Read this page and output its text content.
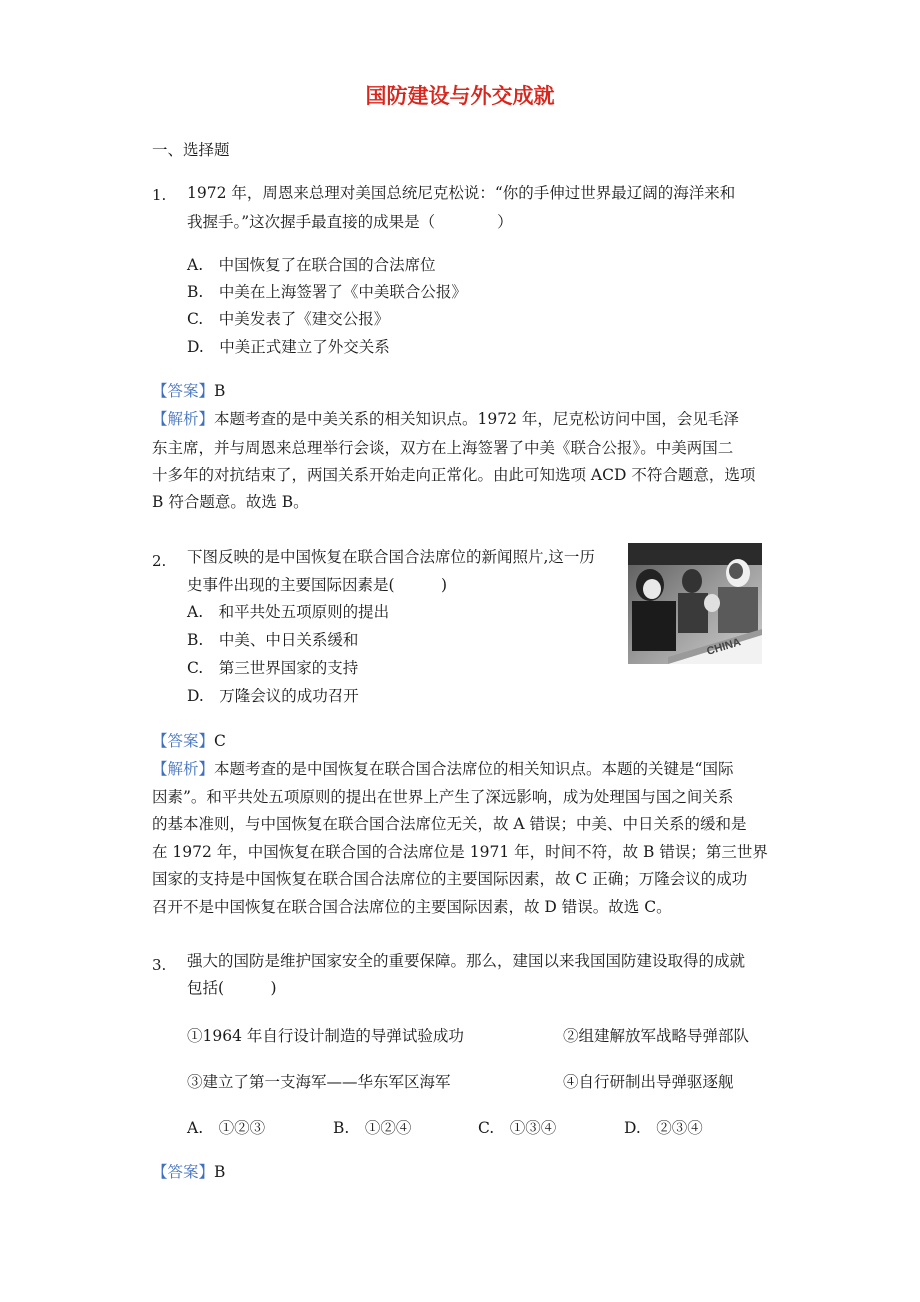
国防建设与外交成就
一、选择题
1. 1972 年，周恩来总理对美国总统尼克松说：“你的手伸过世界最辽阔的海洋来和
我握手。”这次握手最直接的成果是（　　　　）
A.　中国恢复了在联合国的合法席位
B.　中美在上海签署了《中美联合公报》
C.　中美发表了《建交公报》
D.　中美正式建立了外交关系
【答案】B
【解析】本题考查的是中美关系的相关知识点。1972 年，尼克松访问中国，会见毛泽
东主席，并与周恩来总理举行会谈，双方在上海签署了中美《联合公报》。中美两国二
十多年的对抗结束了，两国关系开始走向正常化。由此可知选项 ACD 不符合题意，选项
B 符合题意。故选 B。
2. 下图反映的是中国恢复在联合国合法席位的新闻照片,这一历
史事件出现的主要国际因素是(　　　)
A.　和平共处五项原则的提出
B.　中美、中日关系缓和
C.　第三世界国家的支持
D.　万隆会议的成功召开
CHINA
【答案】C
【解析】本题考查的是中国恢复在联合国合法席位的相关知识点。本题的关键是“国际
因素”。和平共处五项原则的提出在世界上产生了深远影响，成为处理国与国之间关系
的基本准则，与中国恢复在联合国合法席位无关，故 A 错误；中美、中日关系的缓和是
在 1972 年，中国恢复在联合国的合法席位是 1971 年，时间不符，故 B 错误；第三世界
国家的支持是中国恢复在联合国合法席位的主要国际因素，故 C 正确；万隆会议的成功
召开不是中国恢复在联合国合法席位的主要国际因素，故 D 错误。故选 C。
3. 强大的国防是维护国家安全的重要保障。那么，建国以来我国国防建设取得的成就
包括(　　　)
①1964 年自行设计制造的导弹试验成功	②组建解放军战略导弹部队
③建立了第一支海军——华东军区海军	④自行研制出导弹驱逐舰
A.　①②③	B.　①②④	C.　①③④	D.　②③④
【答案】B
